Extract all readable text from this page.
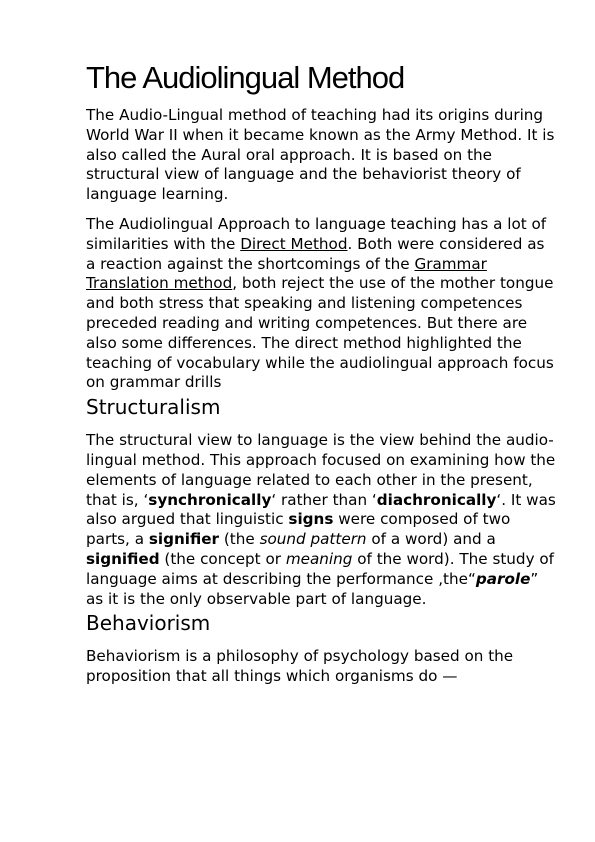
The Audiolingual Method

The Audio-Lingual method of teaching had its origins during World War II when it became known as the Army Method. It is also called the Aural oral approach. It is based on the structural view of language and the behaviorist theory of language learning.

The Audiolingual Approach to language teaching has a lot of similarities with the Direct Method. Both were considered as a reaction against the shortcomings of the Grammar Translation method, both reject the use of the mother tongue and both stress that speaking and listening competences preceded reading and writing competences. But there are also some differences. The direct method highlighted the teaching of vocabulary while the audiolingual approach focus on grammar drills

Structuralism

The structural view to language is the view behind the audio-lingual method. This approach focused on examining how the elements of language related to each other in the present, that is, ‘synchronically‘ rather than ‘diachronically‘. It was also argued that linguistic signs were composed of two parts, a signifier (the sound pattern of a word) and a signified (the concept or meaning of the word). The study of language aims at describing the performance ,the“parole” as it is the only observable part of language.

Behaviorism

Behaviorism is a philosophy of psychology based on the proposition that all things which organisms do —
